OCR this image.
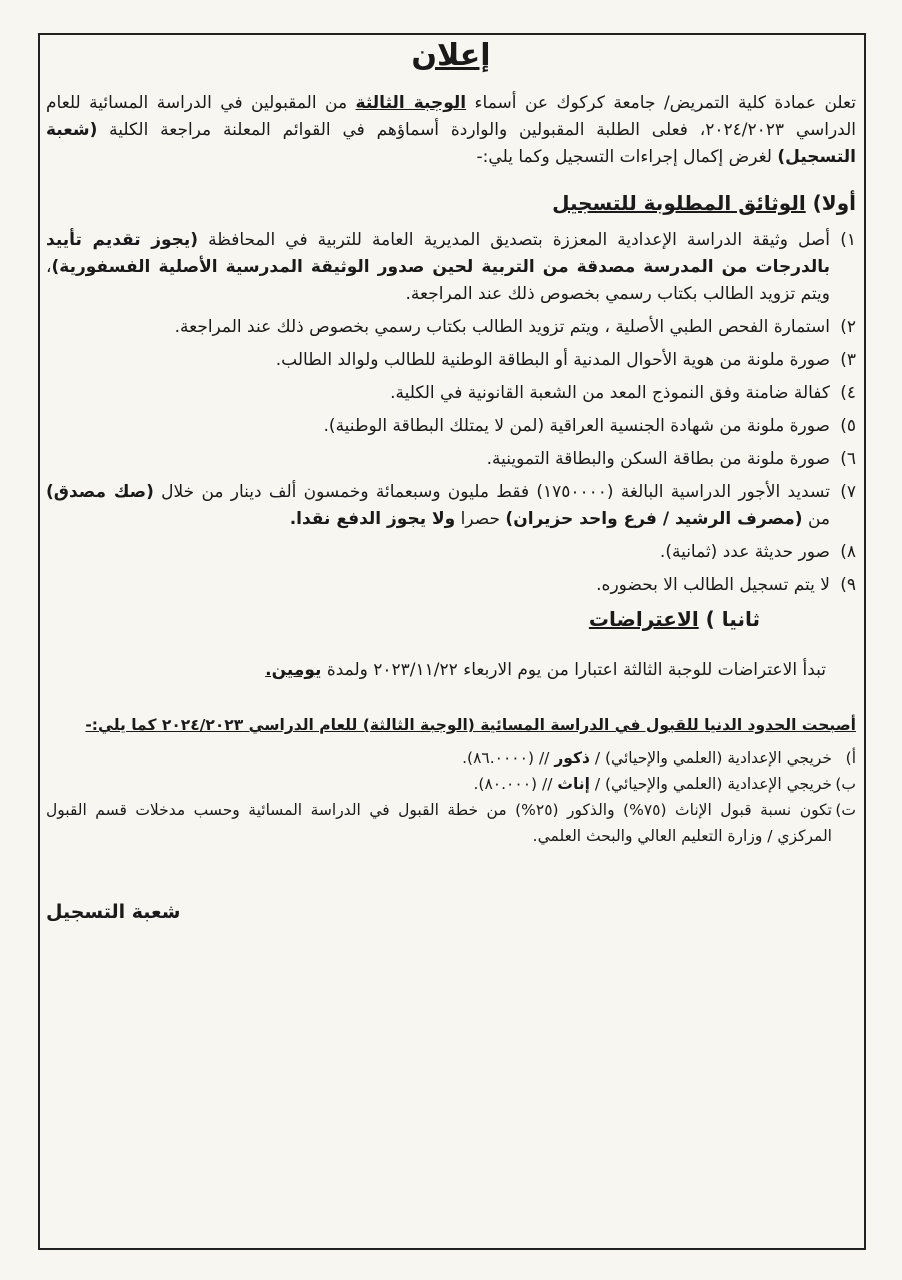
إعلان

تعلن عمادة كلية التمريض/ جامعة كركوك عن أسماء الوجبة الثالثة من المقبولين في الدراسة المسائية للعام الدراسي ٢٠٢٤/٢٠٢٣، فعلى الطلبة المقبولين والواردة أسماؤهم في القوائم المعلنة مراجعة الكلية (شعبة التسجيل) لغرض إكمال إجراءات التسجيل وكما يلي:-

أولا) الوثائق المطلوبة للتسجيل
١)
أصل وثيقة الدراسة الإعدادية المعززة بتصديق المديرية العامة للتربية في المحافظة (يجوز تقديم تأييد بالدرجات من المدرسة مصدقة من التربية لحين صدور الوثيقة المدرسية الأصلية الفسفورية)، ويتم تزويد الطالب بكتاب رسمي بخصوص ذلك عند المراجعة.
٢)
استمارة الفحص الطبي الأصلية ، ويتم تزويد الطالب بكتاب رسمي بخصوص ذلك عند المراجعة.
٣)
صورة ملونة من هوية الأحوال المدنية أو البطاقة الوطنية للطالب ولوالد الطالب.
٤)
كفالة ضامنة وفق النموذج المعد من الشعبة القانونية في الكلية.
٥)
صورة ملونة من شهادة الجنسية العراقية (لمن لا يمتلك البطاقة الوطنية).
٦)
صورة ملونة من بطاقة السكن والبطاقة التموينية.
٧)
تسديد الأجور الدراسية البالغة (١٧٥٠٠٠٠) فقط مليون وسبعمائة وخمسون ألف دينار من خلال (صك مصدق) من (مصرف الرشيد / فرع واحد حزيران) حصرا ولا يجوز الدفع نقدا.
٨)
صور حديثة عدد (ثمانية).
٩)
لا يتم تسجيل الطالب الا بحضوره.
ثانيا ) الاعتراضات
تبدأ الاعتراضات للوجبة الثالثة اعتبارا من يوم الاربعاء ٢٠٢٣/١١/٢٢ ولمدة يومين.
أصبحت الحدود الدنيا للقبول في الدراسة المسائية (الوجبة الثالثة) للعام الدراسي ٢٠٢٤/٢٠٢٣ كما يلي:-
أ)
خريجي الإعدادية (العلمي والإحيائي) / ذكور // (٨٦.٠٠٠٠).
ب)
خريجي الإعدادية (العلمي والإحيائي) / إناث // (٨٠.٠٠٠).
ت)
تكون نسبة قبول الإناث (٧٥%) والذكور (٢٥%) من خطة القبول في الدراسة المسائية وحسب مدخلات قسم القبول المركزي / وزارة التعليم العالي والبحث العلمي.
شعبة التسجيل
